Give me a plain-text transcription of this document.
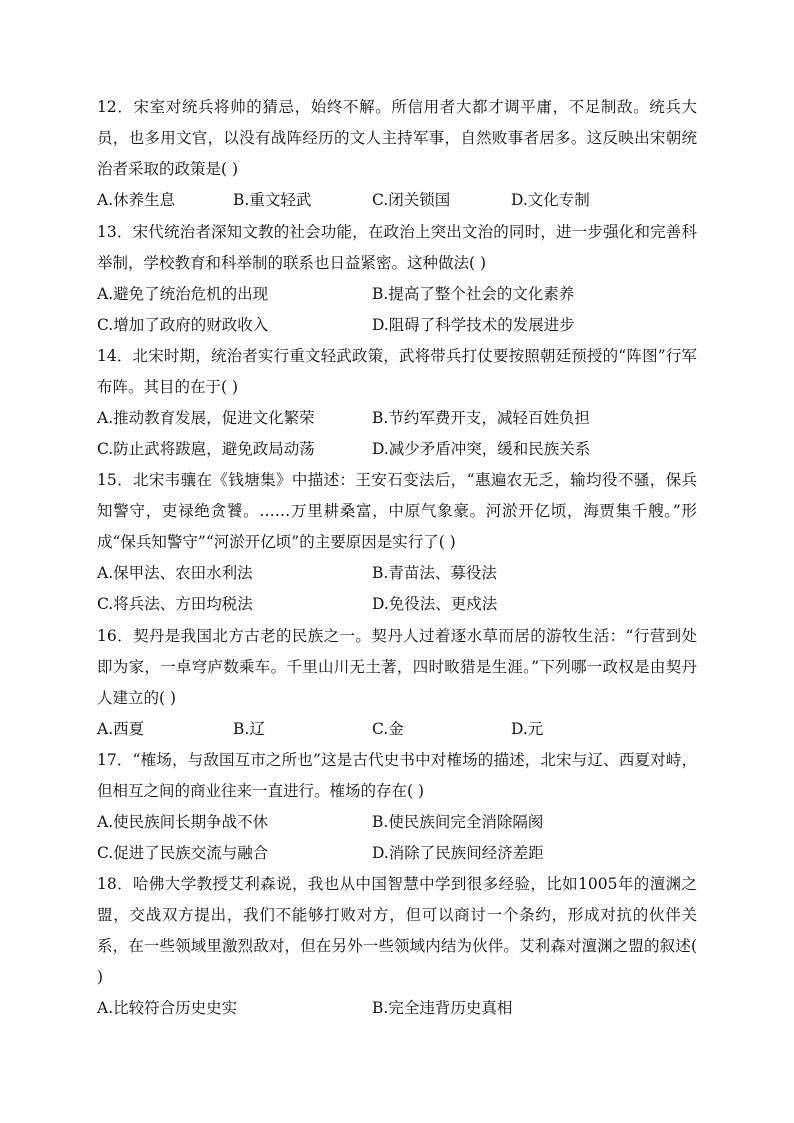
12．宋室对统兵将帅的猜忌，始终不解。所信用者大都才调平庸，不足制敌。统兵大员，也多用文官，以没有战阵经历的文人主持军事，自然败事者居多。这反映出宋朝统治者采取的政策是( )

A.休养生息	B.重文轻武	C.闭关锁国	D.文化专制

13．宋代统治者深知文教的社会功能，在政治上突出文治的同时，进一步强化和完善科举制，学校教育和科举制的联系也日益紧密。这种做法( )

A.避免了统治危机的出现	B.提高了整个社会的文化素养
C.增加了政府的财政收入	D.阻碍了科学技术的发展进步

14．北宋时期，统治者实行重文轻武政策，武将带兵打仗要按照朝廷预授的“阵图”行军布阵。其目的在于( )

A.推动教育发展，促进文化繁荣	B.节约军费开支，减轻百姓负担
C.防止武将跋扈，避免政局动荡	D.减少矛盾冲突，缓和民族关系

15．北宋韦骧在《钱塘集》中描述：王安石变法后，“惠遍农无乏，输均役不骚，保兵知警守，吏禄绝贪饕。……万里耕桑富，中原气象豪。河淤开亿顷，海贾集千艘。”形成“保兵知警守”“河淤开亿顷”的主要原因是实行了( )

A.保甲法、农田水利法	B.青苗法、募役法
C.将兵法、方田均税法	D.免役法、更戍法

16．契丹是我国北方古老的民族之一。契丹人过着逐水草而居的游牧生活：“行营到处即为家，一卓穹庐数乘车。千里山川无土著，四时畋猎是生涯。”下列哪一政权是由契丹人建立的( )

A.西夏	B.辽	C.金	D.元

17．“榷场，与敌国互市之所也”这是古代史书中对榷场的描述，北宋与辽、西夏对峙，但相互之间的商业往来一直进行。榷场的存在( )

A.使民族间长期争战不休	B.使民族间完全消除隔阂
C.促进了民族交流与融合	D.消除了民族间经济差距

18．哈佛大学教授艾利森说，我也从中国智慧中学到很多经验，比如1005年的澶渊之盟，交战双方提出，我们不能够打败对方，但可以商讨一个条约，形成对抗的伙伴关系，在一些领域里激烈敌对，但在另外一些领域内结为伙伴。艾利森对澶渊之盟的叙述( )

A.比较符合历史史实	B.完全违背历史真相
